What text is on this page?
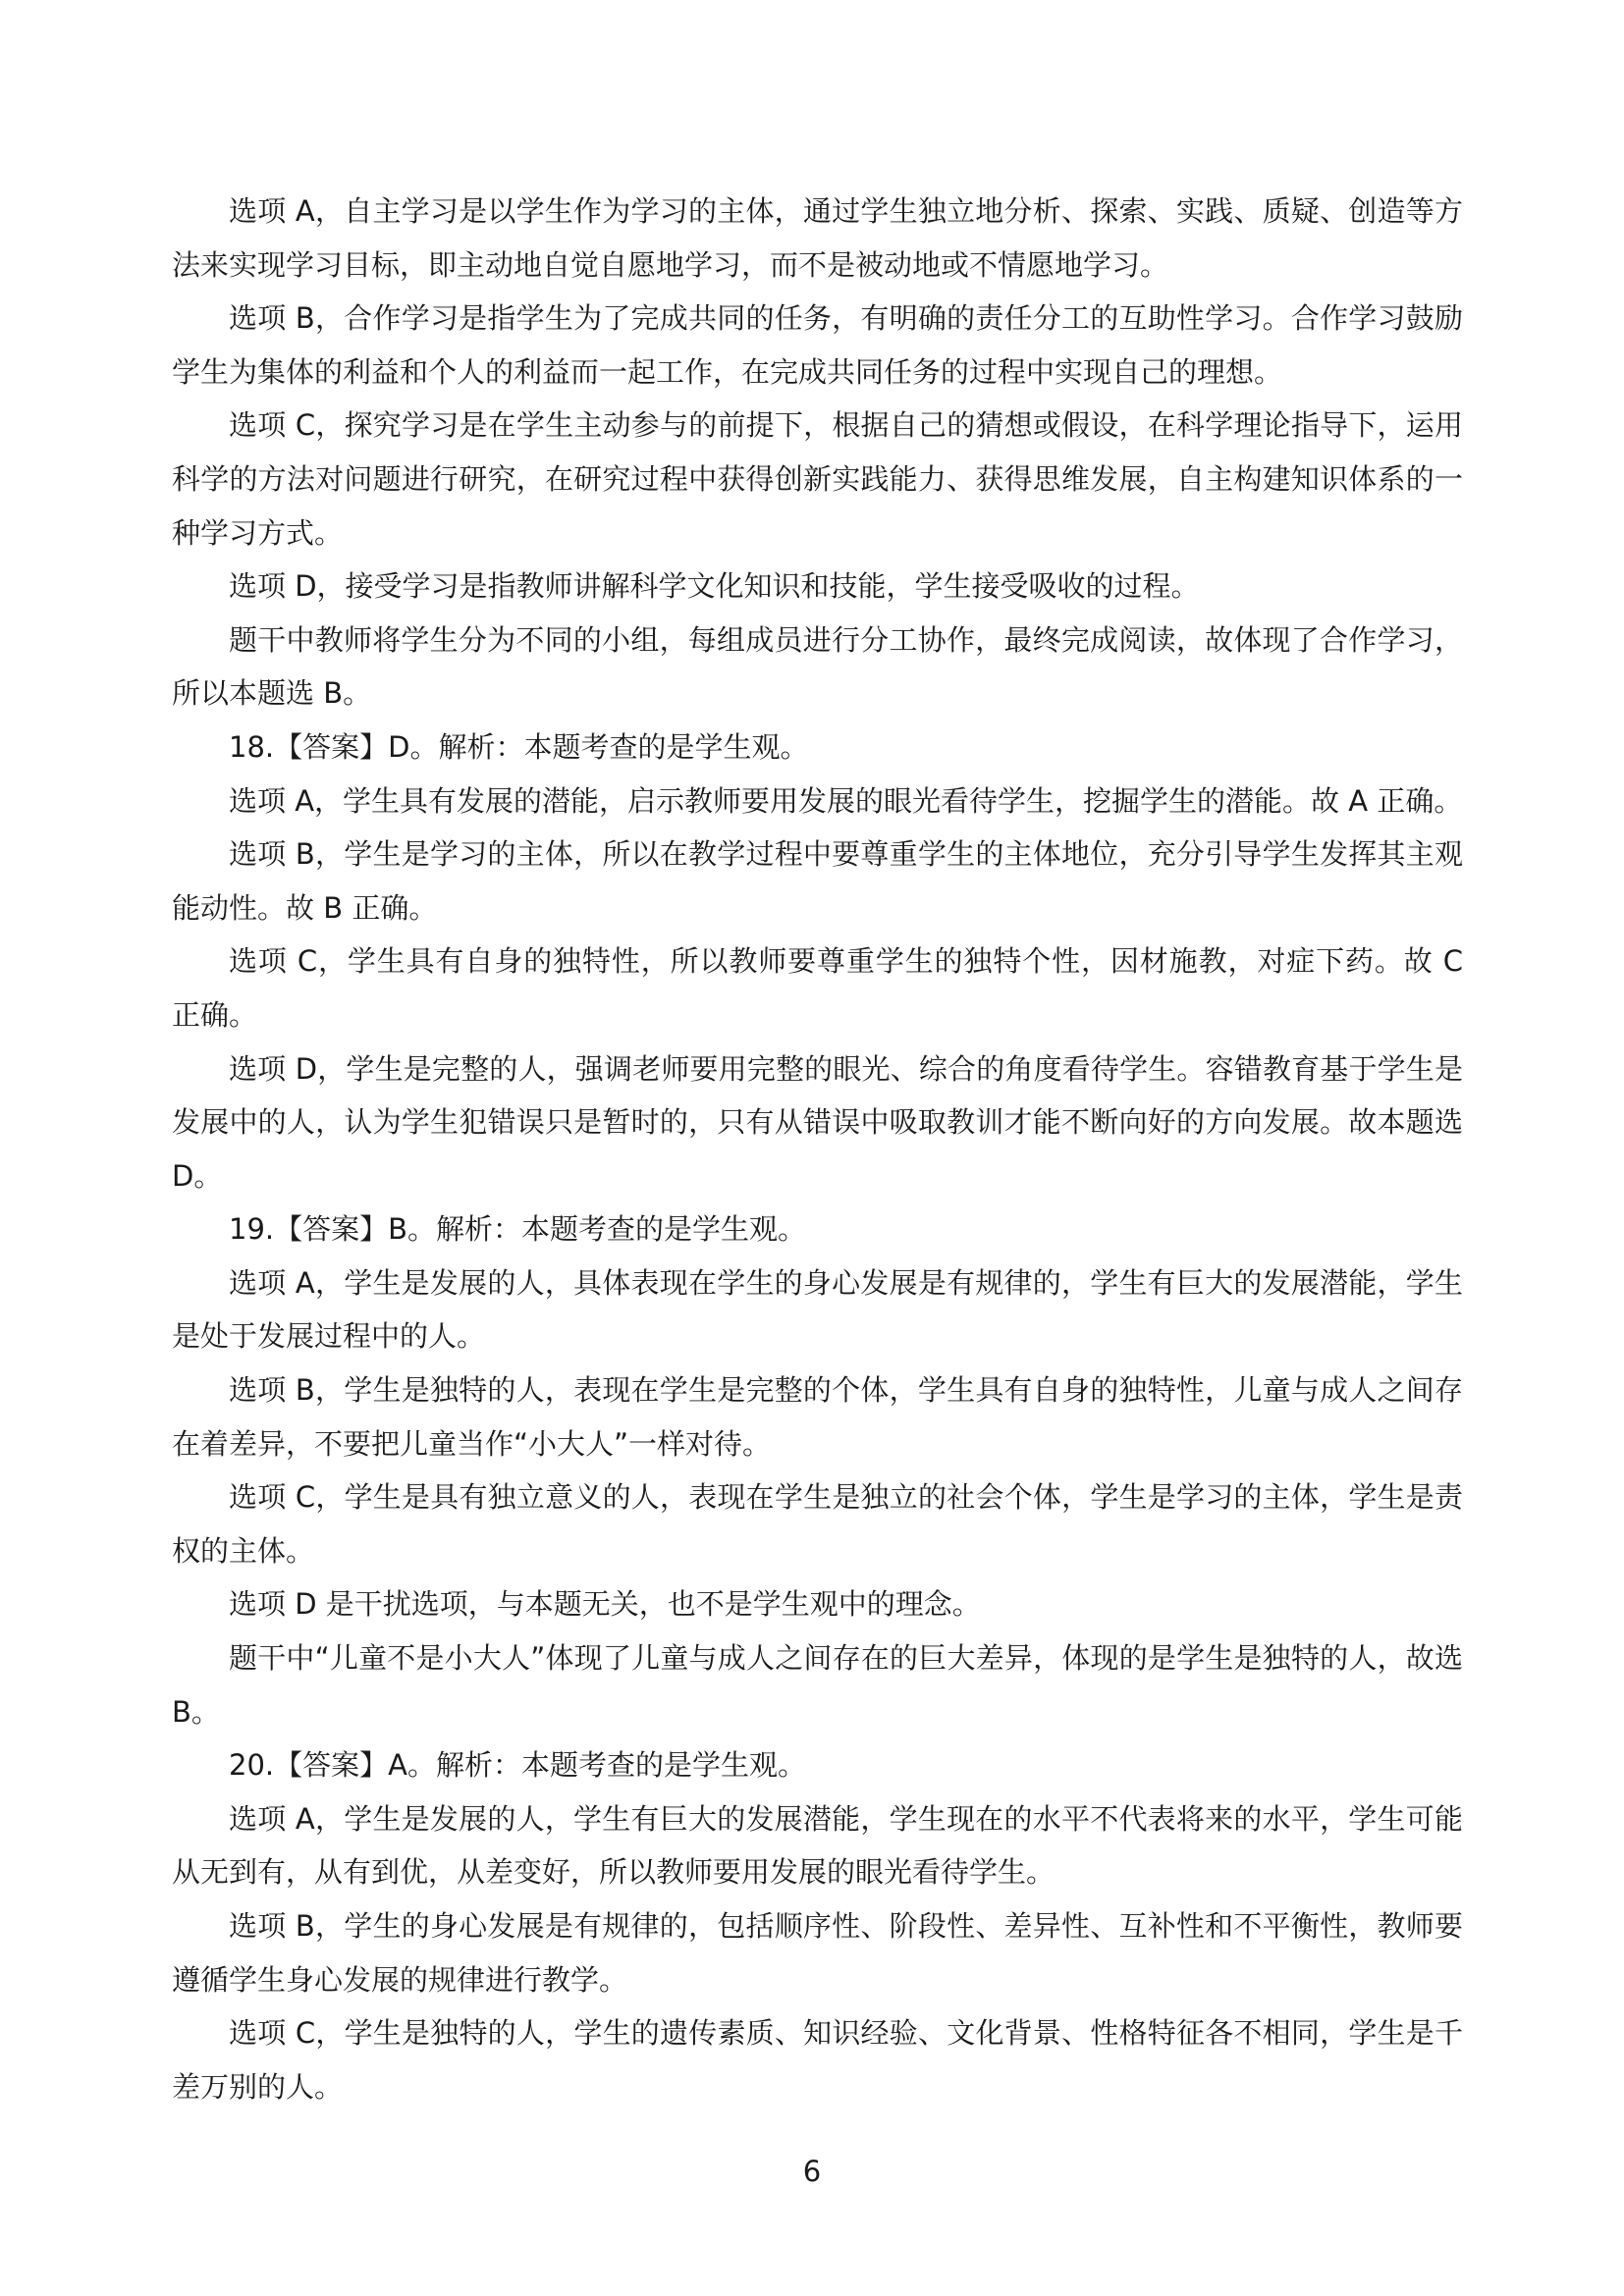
选项 A，自主学习是以学生作为学习的主体，通过学生独立地分析、探索、实践、质疑、创造等方法来实现学习目标，即主动地自觉自愿地学习，而不是被动地或不情愿地学习。

选项 B，合作学习是指学生为了完成共同的任务，有明确的责任分工的互助性学习。合作学习鼓励学生为集体的利益和个人的利益而一起工作，在完成共同任务的过程中实现自己的理想。

选项 C，探究学习是在学生主动参与的前提下，根据自己的猜想或假设，在科学理论指导下，运用科学的方法对问题进行研究，在研究过程中获得创新实践能力、获得思维发展，自主构建知识体系的一种学习方式。

选项 D，接受学习是指教师讲解科学文化知识和技能，学生接受吸收的过程。

题干中教师将学生分为不同的小组，每组成员进行分工协作，最终完成阅读，故体现了合作学习，所以本题选 B。

18.【答案】D。解析：本题考查的是学生观。

选项 A，学生具有发展的潜能，启示教师要用发展的眼光看待学生，挖掘学生的潜能。故 A 正确。

选项 B，学生是学习的主体，所以在教学过程中要尊重学生的主体地位，充分引导学生发挥其主观能动性。故 B 正确。

选项 C，学生具有自身的独特性，所以教师要尊重学生的独特个性，因材施教，对症下药。故 C 正确。

选项 D，学生是完整的人，强调老师要用完整的眼光、综合的角度看待学生。容错教育基于学生是发展中的人，认为学生犯错误只是暂时的，只有从错误中吸取教训才能不断向好的方向发展。故本题选 D。

19.【答案】B。解析：本题考查的是学生观。

选项 A，学生是发展的人，具体表现在学生的身心发展是有规律的，学生有巨大的发展潜能，学生是处于发展过程中的人。

选项 B，学生是独特的人，表现在学生是完整的个体，学生具有自身的独特性，儿童与成人之间存在着差异，不要把儿童当作“小大人”一样对待。

选项 C，学生是具有独立意义的人，表现在学生是独立的社会个体，学生是学习的主体，学生是责权的主体。

选项 D 是干扰选项，与本题无关，也不是学生观中的理念。

题干中“儿童不是小大人”体现了儿童与成人之间存在的巨大差异，体现的是学生是独特的人，故选 B。

20.【答案】A。解析：本题考查的是学生观。

选项 A，学生是发展的人，学生有巨大的发展潜能，学生现在的水平不代表将来的水平，学生可能从无到有，从有到优，从差变好，所以教师要用发展的眼光看待学生。

选项 B，学生的身心发展是有规律的，包括顺序性、阶段性、差异性、互补性和不平衡性，教师要遵循学生身心发展的规律进行教学。

选项 C，学生是独特的人，学生的遗传素质、知识经验、文化背景、性格特征各不相同，学生是千差万别的人。

6
